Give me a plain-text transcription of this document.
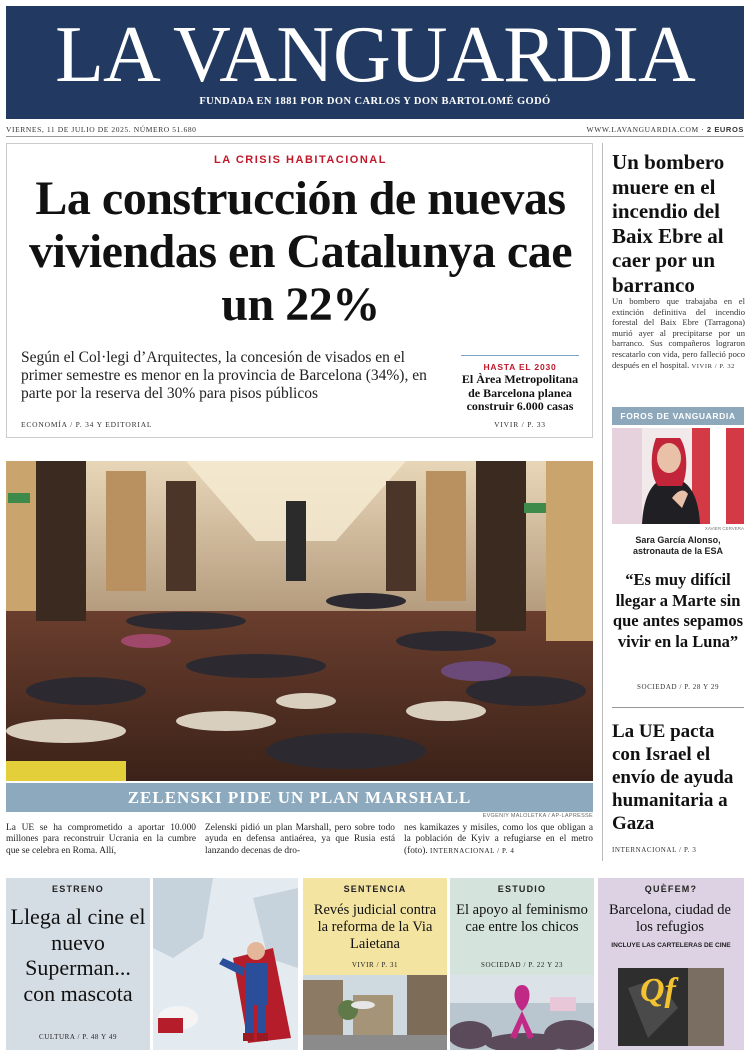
LA VANGUARDIA
FUNDADA EN 1881 POR DON CARLOS Y DON BARTOLOMÉ GODÓ
VIERNES, 11 DE JULIO DE 2025. NÚMERO 51.680	WWW.LAVANGUARDIA.COM · 2 EUROS
LA CRISIS HABITACIONAL
La construcción de nuevas viviendas en Catalunya cae un 22%
Según el Col·legi d’Arquitectes, la concesión de visados en el primer semestre es menor en la provincia de Barcelona (34%), en parte por la reserva del 30% para pisos públicos
ECONOMÍA / P. 34 Y EDITORIAL
HASTA EL 2030
El Àrea Metropolitana de Barcelona planea construir 6.000 casas
VIVIR / P. 33
ZELENSKI PIDE UN PLAN MARSHALL
EVGENIY MALOLETKA / AP-LAPRESSE
La UE se ha comprometido a aportar 10.000 millones para reconstruir Ucrania en la cumbre que se celebra en Roma. Allí,
Zelenski pidió un plan Marshall, pero sobre todo ayuda en defensa antiaérea, ya que Rusia está lanzando decenas de dro-
nes kamikazes y misiles, como los que obligan a la población de Kyiv a refugiarse en el metro (foto). INTERNACIONAL / P. 4
Un bombero muere en el incendio del Baix Ebre al caer por un barranco
Un bombero que trabajaba en el extinción definitiva del incendio forestal del Baix Ebre (Tarragona) murió ayer al precipitarse por un barranco. Sus compañeros lograron rescatarlo con vida, pero falleció poco después en el hospital. VIVIR / P. 32
FOROS DE VANGUARDIA
XAVIER CERVERA
Sara García Alonso, astronauta de la ESA
“Es muy difícil llegar a Marte sin que antes sepamos vivir en la Luna”
SOCIEDAD / P. 28 Y 29
La UE pacta con Israel el envío de ayuda humanitaria a Gaza
INTERNACIONAL / P. 3
ESTRENO
Llega al cine el nuevo Superman... con mascota
CULTURA / P. 48 Y 49
SENTENCIA
Revés judicial contra la reforma de la Via Laietana
VIVIR / P. 31
ESTUDIO
El apoyo al feminismo cae entre los chicos
SOCIEDAD / P. 22 Y 23
QUÈFEM?
Barcelona, ciudad de los refugios
INCLUYE LAS CARTELERAS DE CINE
Qf
